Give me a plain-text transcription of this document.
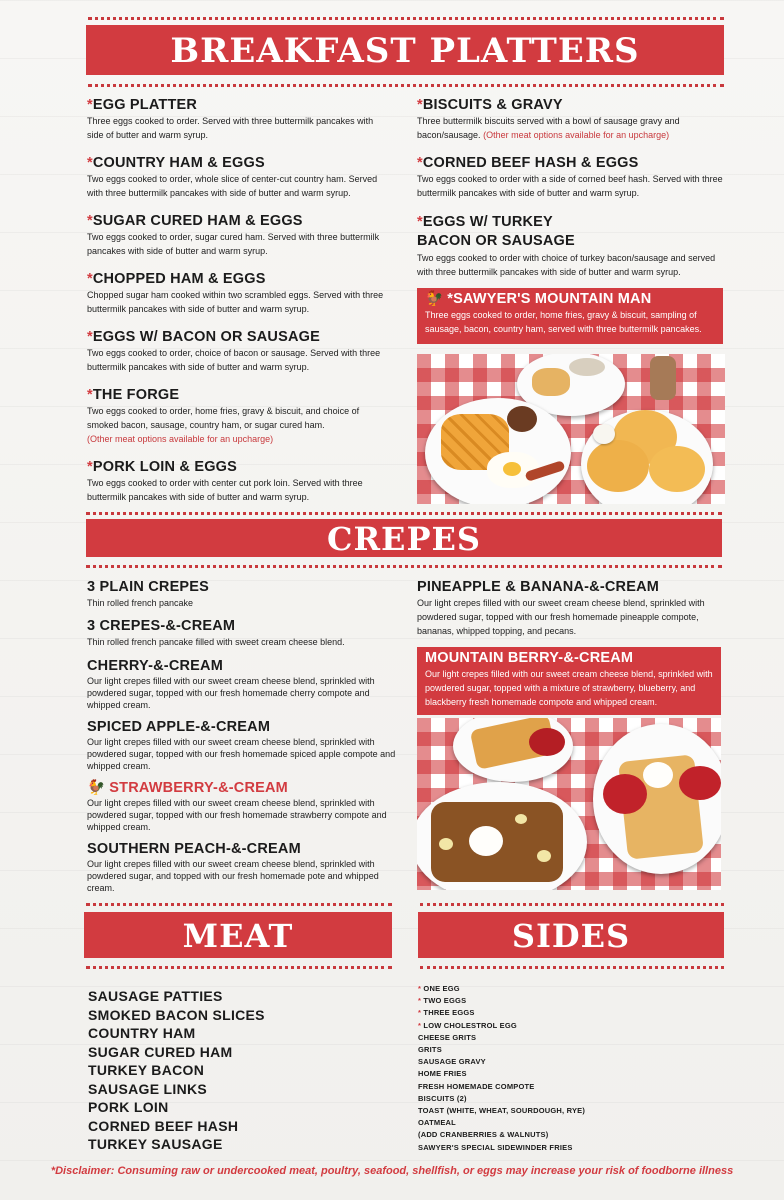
BREAKFAST PLATTERS
*EGG PLATTER
Three eggs cooked to order. Served with three buttermilk pancakes with side of butter and warm syrup.
*COUNTRY HAM & EGGS
Two eggs cooked to order, whole slice of center-cut country ham. Served with three buttermilk pancakes with side of butter and warm syrup.
*SUGAR CURED HAM & EGGS
Two eggs cooked to order, sugar cured ham. Served with three buttermilk pancakes with side of butter and warm syrup.
*CHOPPED HAM & EGGS
Chopped sugar ham cooked within two scrambled eggs. Served with three buttermilk pancakes with side of butter and warm syrup.
*EGGS W/ BACON OR SAUSAGE
Two eggs cooked to order, choice of bacon or sausage. Served with three buttermilk pancakes with side of butter and warm syrup.
*THE FORGE
Two eggs cooked to order, home fries, gravy & biscuit, and choice of smoked bacon, sausage, country ham, or sugar cured ham.
(Other meat options available for an upcharge)
*PORK LOIN & EGGS
Two eggs cooked to order with center cut pork loin. Served with three buttermilk pancakes with side of butter and warm syrup.
*BISCUITS & GRAVY
Three buttermilk biscuits served with a bowl of sausage gravy and bacon/sausage. (Other meat options available for an upcharge)
*CORNED BEEF HASH & EGGS
Two eggs cooked to order with a side of corned beef hash. Served with three buttermilk pancakes with side of butter and warm syrup.
*EGGS W/ TURKEY BACON OR SAUSAGE
Two eggs cooked to order with choice of turkey bacon/sausage and served with three buttermilk pancakes with side of butter and warm syrup.
🐓 *SAWYER'S MOUNTAIN MAN
Three eggs cooked to order, home fries, gravy & biscuit, sampling of sausage, bacon, country ham, served with three buttermilk pancakes.
CREPES
3 PLAIN CREPES
Thin rolled french pancake
3 CREPES-&-CREAM
Thin rolled french pancake filled with sweet cream cheese blend.
CHERRY-&-CREAM
Our light crepes filled with our sweet cream cheese blend, sprinkled with powdered sugar, topped with our fresh homemade cherry compote and whipped cream.
SPICED APPLE-&-CREAM
Our light crepes filled with our sweet cream cheese blend, sprinkled with powdered sugar, topped with our fresh homemade spiced apple compote and whipped cream.
🐓 STRAWBERRY-&-CREAM
Our light crepes filled with our sweet cream cheese blend, sprinkled with powdered sugar, topped with our fresh homemade strawberry compote and whipped cream.
SOUTHERN PEACH-&-CREAM
Our light crepes filled with our sweet cream cheese blend, sprinkled with powdered sugar, and topped with our fresh homemade pote and whipped cream.
PINEAPPLE & BANANA-&-CREAM
Our light crepes filled with our sweet cream cheese blend, sprinkled with powdered sugar, topped with our fresh homemade pineapple compote, bananas, whipped topping, and pecans.
MOUNTAIN BERRY-&-CREAM
Our light crepes filled with our sweet cream cheese blend, sprinkled with powdered sugar, topped with a mixture of strawberry, blueberry, and blackberry fresh homemade compote and whipped cream.
MEAT
SAUSAGE PATTIES
SMOKED BACON SLICES
COUNTRY HAM
SUGAR CURED HAM
TURKEY BACON
SAUSAGE LINKS
PORK LOIN
CORNED BEEF HASH
TURKEY SAUSAGE
SIDES
* ONE EGG
* TWO EGGS
* THREE EGGS
* LOW CHOLESTROL EGG
CHEESE GRITS
GRITS
SAUSAGE GRAVY
HOME FRIES
FRESH HOMEMADE COMPOTE
BISCUITS (2)
TOAST (WHITE, WHEAT, SOURDOUGH, RYE)
OATMEAL
(ADD CRANBERRIES & WALNUTS)
SAWYER'S SPECIAL SIDEWINDER FRIES
*Disclaimer: Consuming raw or undercooked meat, poultry, seafood, shellfish, or eggs may increase your risk of foodborne illness
